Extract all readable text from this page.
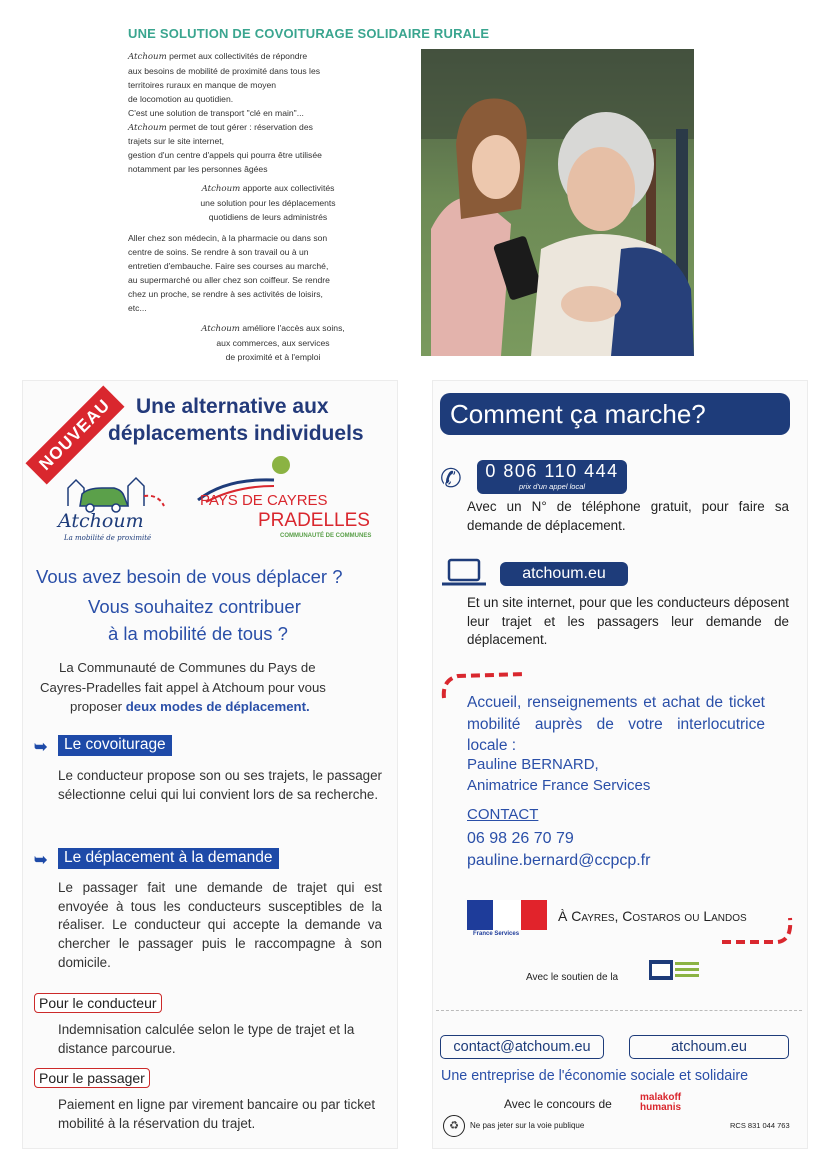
UNE SOLUTION DE COVOITURAGE SOLIDAIRE RURALE
Atchoum permet aux collectivités de répondre
aux besoins de mobilité de proximité dans tous les
territoires ruraux en manque de moyen
de locomotion au quotidien.
C'est une solution de transport "clé en main"...
Atchoum permet de tout gérer : réservation des
trajets sur le site internet,
gestion d'un centre d'appels qui pourra être utilisée
notamment par les personnes âgées
Atchoum apporte aux collectivités
une solution pour les déplacements
quotidiens de leurs administrés
Aller chez son médecin, à la pharmacie ou dans son
centre de soins. Se rendre à son travail ou à un
entretien d'embauche. Faire ses courses au marché,
au supermarché ou aller chez son coiffeur. Se rendre
chez un proche, se rendre à ses activités de loisirs,
etc...
Atchoum améliore l'accès aux soins,
aux commerces, aux services
de proximité et à l'emploi
NOUVEAU	Une alternative aux
déplacements individuels
Atchoum
La mobilité de proximité
PAYS DE CAYRES
PRADELLES
COMMUNAUTÉ DE COMMUNES
Vous avez besoin de vous déplacer ?
Vous souhaitez contribuer
à la mobilité de tous ?
La Communauté de Communes du Pays de
Cayres-Pradelles fait appel à Atchoum pour vous
proposer deux modes de déplacement.
➥	Le covoiturage
Le conducteur propose son ou ses trajets, le passager sélectionne celui qui lui convient lors de sa recherche.
➥	Le déplacement à la demande
Le passager fait une demande de trajet qui est envoyée à tous les conducteurs susceptibles de la réaliser. Le conducteur qui accepte la demande va chercher le passager puis le raccompagne à son domicile.
Pour le conducteur
Indemnisation calculée selon le type de trajet et la distance parcourue.
Pour le passager
Paiement en ligne par virement bancaire ou par ticket mobilité à la réservation du trajet.
Comment ça marche?
✆	0 806 110 444
prix d'un appel local
Avec un N° de téléphone gratuit, pour faire sa demande de déplacement.
atchoum.eu
Et un site internet, pour que les conducteurs déposent leur trajet et les passagers leur demande de déplacement.
Accueil, renseignements et achat de ticket mobilité auprès de votre interlocutrice locale :
Pauline BERNARD,
Animatrice France Services
CONTACT
06 98 26 70 79
pauline.bernard@ccpcp.fr
France Services
À Cayres, Costaros ou Landos
Avec le soutien de la
contact@atchoum.eu	atchoum.eu
Une entreprise de l'économie sociale et solidaire
Avec le concours de	malakoff
humanis
♻	Ne pas jeter sur la voie publique	RCS 831 044 763
